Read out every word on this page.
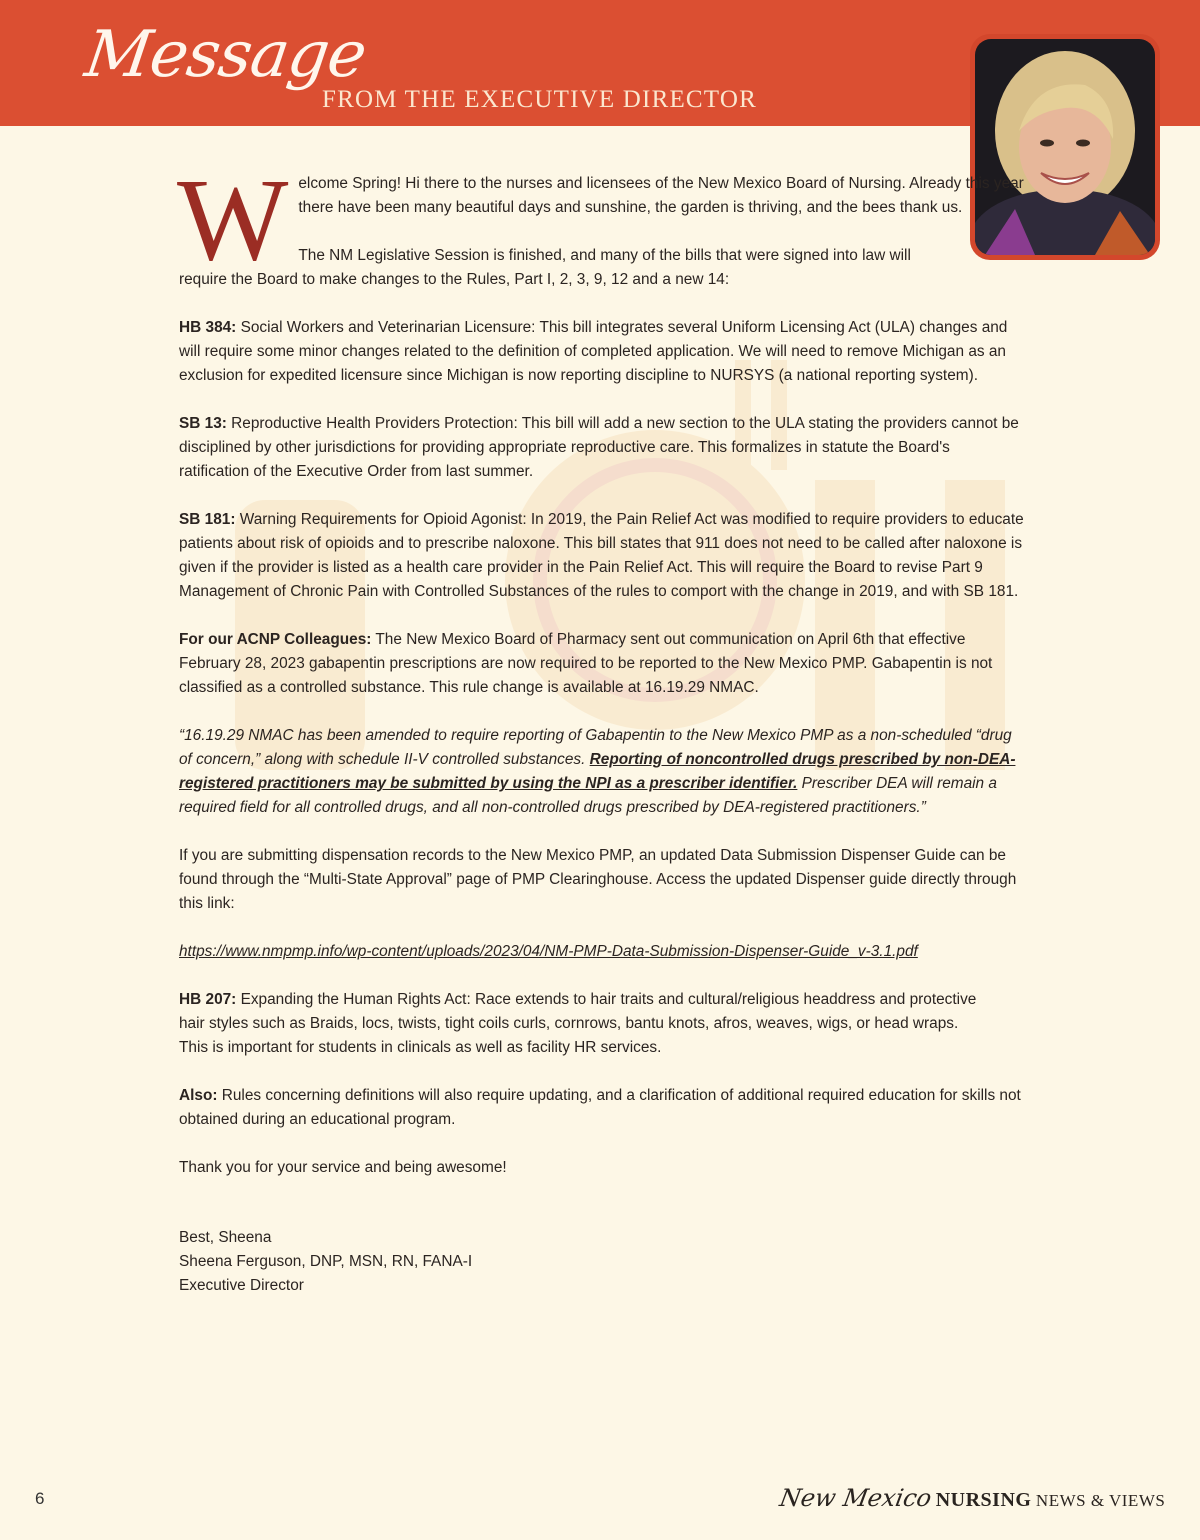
Message
FROM THE EXECUTIVE DIRECTOR

Welcome Spring! Hi there to the nurses and licensees of the New Mexico Board of Nursing. Already this year there have been many beautiful days and sunshine, the garden is thriving, and the bees thank us.

The NM Legislative Session is finished, and many of the bills that were signed into law will require the Board to make changes to the Rules, Part I, 2, 3, 9, 12 and a new 14:

HB 384: Social Workers and Veterinarian Licensure: This bill integrates several Uniform Licensing Act (ULA) changes and will require some minor changes related to the definition of completed application. We will need to remove Michigan as an exclusion for expedited licensure since Michigan is now reporting discipline to NURSYS (a national reporting system).

SB 13: Reproductive Health Providers Protection: This bill will add a new section to the ULA stating the providers cannot be disciplined by other jurisdictions for providing appropriate reproductive care. This formalizes in statute the Board's ratification of the Executive Order from last summer.

SB 181: Warning Requirements for Opioid Agonist: In 2019, the Pain Relief Act was modified to require providers to educate patients about risk of opioids and to prescribe naloxone. This bill states that 911 does not need to be called after naloxone is given if the provider is listed as a health care provider in the Pain Relief Act. This will require the Board to revise Part 9 Management of Chronic Pain with Controlled Substances of the rules to comport with the change in 2019, and with SB 181.

For our ACNP Colleagues: The New Mexico Board of Pharmacy sent out communication on April 6th that effective February 28, 2023 gabapentin prescriptions are now required to be reported to the New Mexico PMP. Gabapentin is not classified as a controlled substance. This rule change is available at 16.19.29 NMAC.

“16.19.29 NMAC has been amended to require reporting of Gabapentin to the New Mexico PMP as a non-scheduled “drug of concern,” along with schedule II-V controlled substances. Reporting of noncontrolled drugs prescribed by non-DEA-registered practitioners may be submitted by using the NPI as a prescriber identifier. Prescriber DEA will remain a required field for all controlled drugs, and all non-controlled drugs prescribed by DEA-registered practitioners.”

If you are submitting dispensation records to the New Mexico PMP, an updated Data Submission Dispenser Guide can be found through the “Multi-State Approval” page of PMP Clearinghouse. Access the updated Dispenser guide directly through this link:

https://www.nmpmp.info/wp-content/uploads/2023/04/NM-PMP-Data-Submission-Dispenser-Guide_v-3.1.pdf

HB 207: Expanding the Human Rights Act: Race extends to hair traits and cultural/religious headdress and protective hair styles such as Braids, locs, twists, tight coils curls, cornrows, bantu knots, afros, weaves, wigs, or head wraps. This is important for students in clinicals as well as facility HR services.

Also: Rules concerning definitions will also require updating, and a clarification of additional required education for skills not obtained during an educational program.

Thank you for your service and being awesome!

Best, Sheena
Sheena Ferguson, DNP, MSN, RN, FANA-I
Executive Director
6	New Mexico NURSING NEWS & VIEWS
